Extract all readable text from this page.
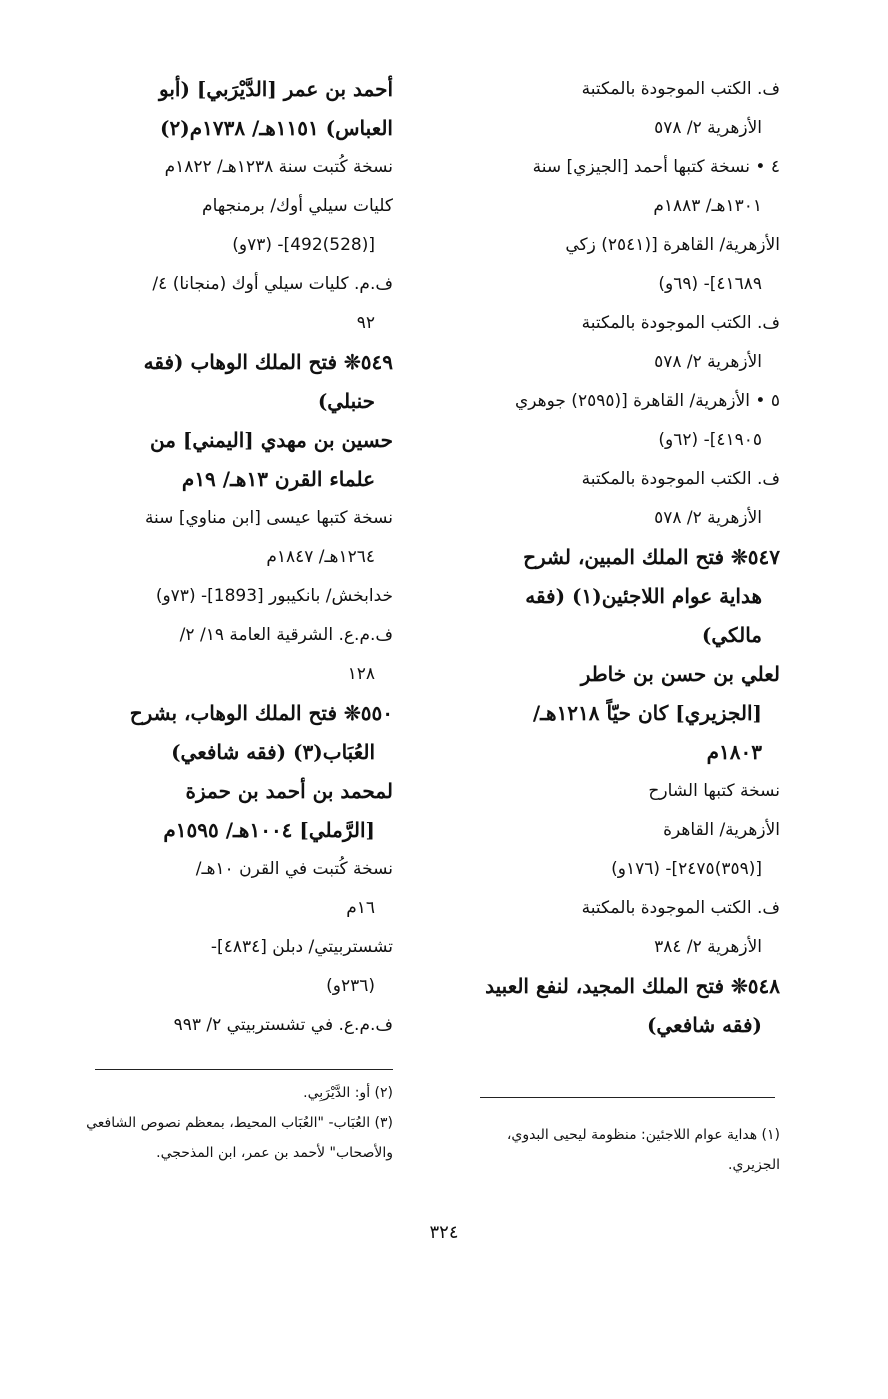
ف. الكتب الموجودة بالمكتبة
الأزهرية ٢/ ٥٧٨
٤ • نسخة كتبها أحمد [الجيزي] سنة
١٣٠١هـ/ ١٨٨٣م
الأزهرية/ القاهرة [(٢٥٤١) زكي
٤١٦٨٩]- (٦٩و)
ف. الكتب الموجودة بالمكتبة
الأزهرية ٢/ ٥٧٨
٥ • الأزهرية/ القاهرة [(٢٥٩٥) جوهري
٤١٩٠٥]- (٦٢و)
ف. الكتب الموجودة بالمكتبة
الأزهرية ٢/ ٥٧٨
٥٤٧❊ فتح الملك المبين، لشرح
هداية عوام اللاجئين(١) (فقه
مالكي)
لعلي بن حسن بن خاطر
[الجزيري] كان حيّاً ١٢١٨هـ/
١٨٠٣م
نسخة كتبها الشارح
الأزهرية/ القاهرة
[(٣٥٩)٢٤٧٥]- (١٧٦و)
ف. الكتب الموجودة بالمكتبة
الأزهرية ٢/ ٣٨٤
٥٤٨❊ فتح الملك المجيد، لنفع العبيد
(فقه شافعي)
أحمد بن عمر [الدَّيْرَبي] (أبو
العباس) ١١٥١هـ/ ١٧٣٨م(٢)
نسخة كُتبت سنة ١٢٣٨هـ/ ١٨٢٢م
كليات سيلي أوك/ برمنجهام
[(528)492]- (٧٣و)
ف.م. كليات سيلي أوك (منجانا) ٤/
٩٢
٥٤٩❊ فتح الملك الوهاب (فقه
حنبلي)
حسين بن مهدي [اليمني] من
علماء القرن ١٣هـ/ ١٩م
نسخة كتبها عيسى [ابن مناوي] سنة
١٢٦٤هـ/ ١٨٤٧م
خدابخش/ بانكيبور [1893]- (٧٣و)
ف.م.ع. الشرقية العامة ١٩/ ٢/
١٢٨
٥٥٠❊ فتح الملك الوهاب، بشرح
العُبَاب(٣) (فقه شافعي)
لمحمد بن أحمد بن حمزة
[الرَّملي] ١٠٠٤هـ/ ١٥٩٥م
نسخة كُتبت في القرن ١٠هـ/
١٦م
تشستربيتي/ دبلن [٤٨٣٤]-
(٢٣٦و)
ف.م.ع. في تشستربيتي ٢/ ٩٩٣
(٢) أو: الدَّيْرَبِي.
(٣) العُبَاب- "العُبَاب المحيط، بمعظم نصوص الشافعي
والأصحاب" لأحمد بن عمر، ابن المذحجي.
(١) هداية عوام اللاجئين: منظومة ليحيى البدوي،
الجزيري.
٣٢٤
